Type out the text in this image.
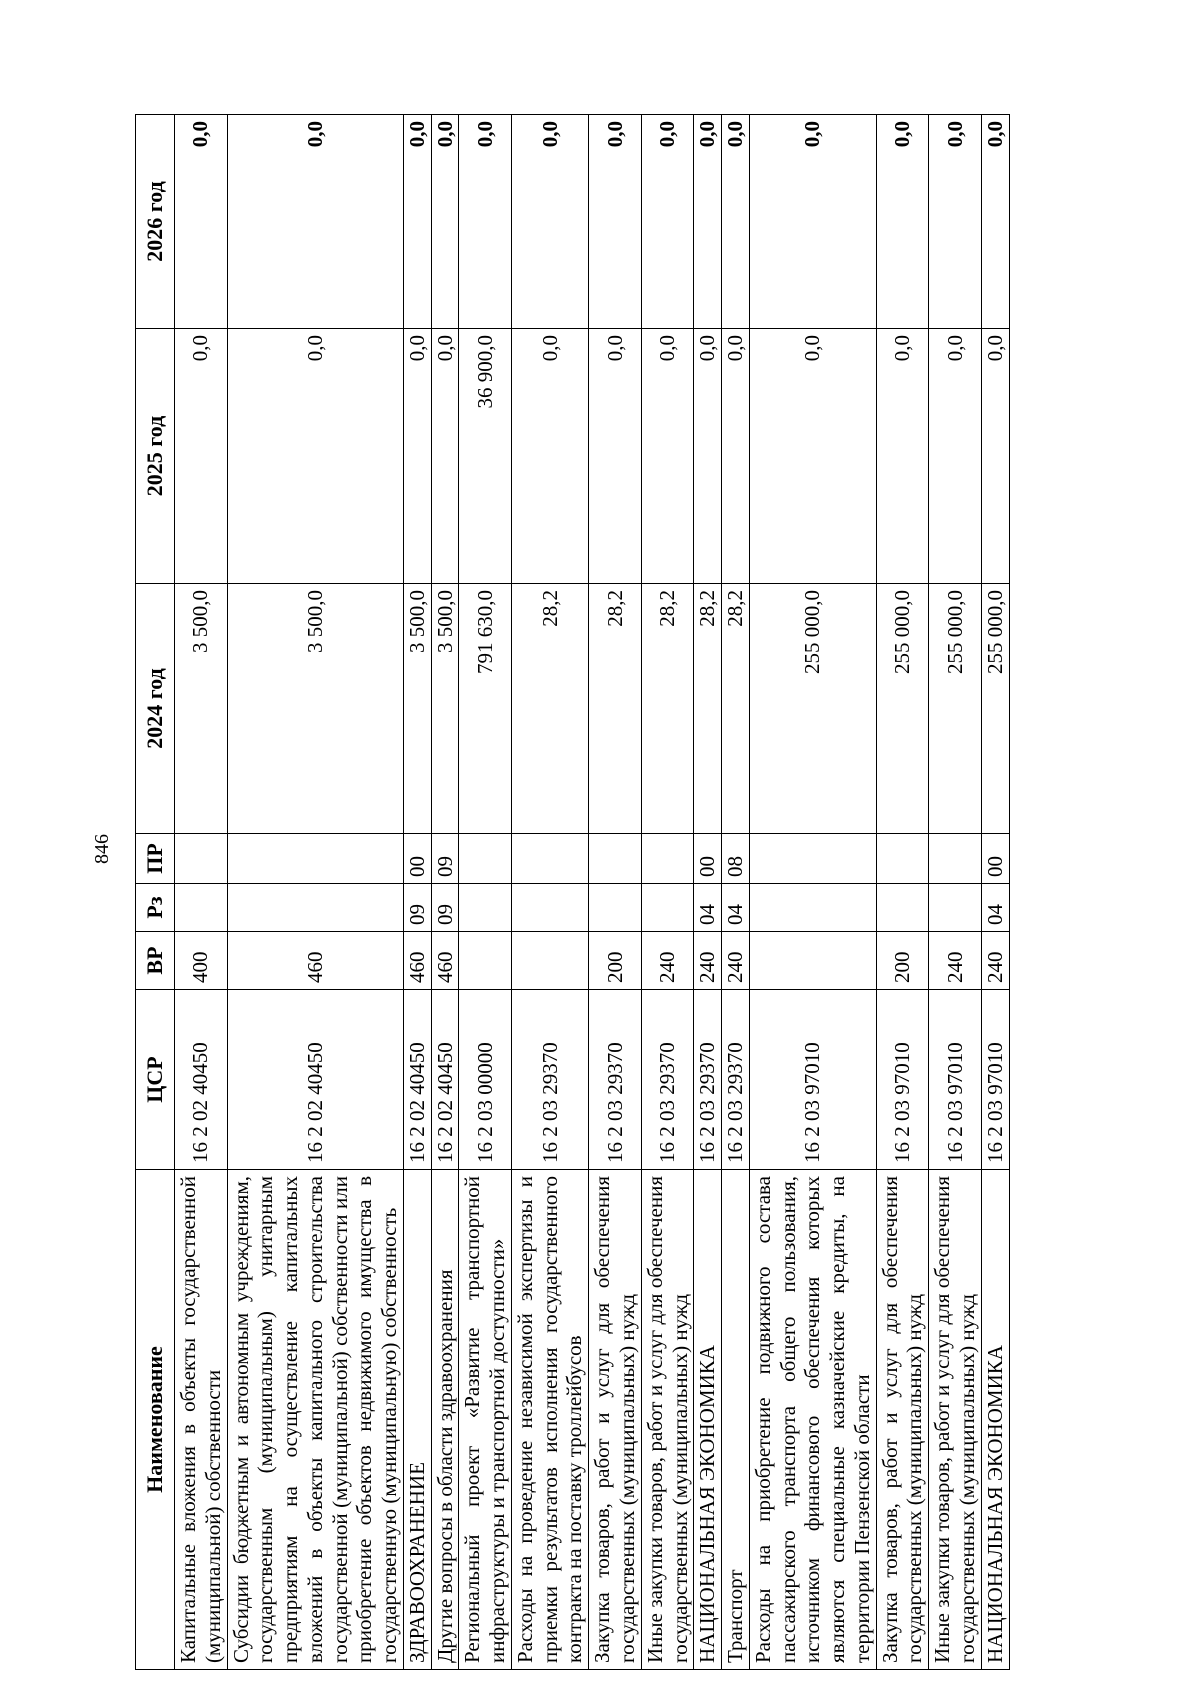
846
Наименование	ЦСР	ВР	Рз	ПР	2024 год	2025 год	2026 год
Капитальные вложения в объекты государственной (муниципальной) собственности	16 2 02 40450	400			3 500,0	0,0	0,0
Субсидии бюджетным и автономным учреждениям, государственным (муниципальным) унитарным предприятиям на осуществление капитальных вложений в объекты капитального строительства государственной (муниципальной) собственности или приобретение объектов недвижимого имущества в государственную (муниципальную) собственность	16 2 02 40450	460			3 500,0	0,0	0,0
ЗДРАВООХРАНЕНИЕ	16 2 02 40450	460	09	00	3 500,0	0,0	0,0
Другие вопросы в области здравоохранения	16 2 02 40450	460	09	09	3 500,0	0,0	0,0
Региональный проект «Развитие транспортной инфраструктуры и транспортной доступности»	16 2 03 00000				791 630,0	36 900,0	0,0
Расходы на проведение независимой экспертизы и приемки результатов исполнения государственного контракта на поставку троллейбусов	16 2 03 29370				28,2	0,0	0,0
Закупка товаров, работ и услуг для обеспечения государственных (муниципальных) нужд	16 2 03 29370	200			28,2	0,0	0,0
Иные закупки товаров, работ и услуг для обеспечения государственных (муниципальных) нужд	16 2 03 29370	240			28,2	0,0	0,0
НАЦИОНАЛЬНАЯ ЭКОНОМИКА	16 2 03 29370	240	04	00	28,2	0,0	0,0
Транспорт	16 2 03 29370	240	04	08	28,2	0,0	0,0
Расходы на приобретение подвижного состава пассажирского транспорта общего пользования, источником финансового обеспечения которых являются специальные казначейские кредиты, на территории Пензенской области	16 2 03 97010				255 000,0	0,0	0,0
Закупка товаров, работ и услуг для обеспечения государственных (муниципальных) нужд	16 2 03 97010	200			255 000,0	0,0	0,0
Иные закупки товаров, работ и услуг для обеспечения государственных (муниципальных) нужд	16 2 03 97010	240			255 000,0	0,0	0,0
НАЦИОНАЛЬНАЯ ЭКОНОМИКА	16 2 03 97010	240	04	00	255 000,0	0,0	0,0
